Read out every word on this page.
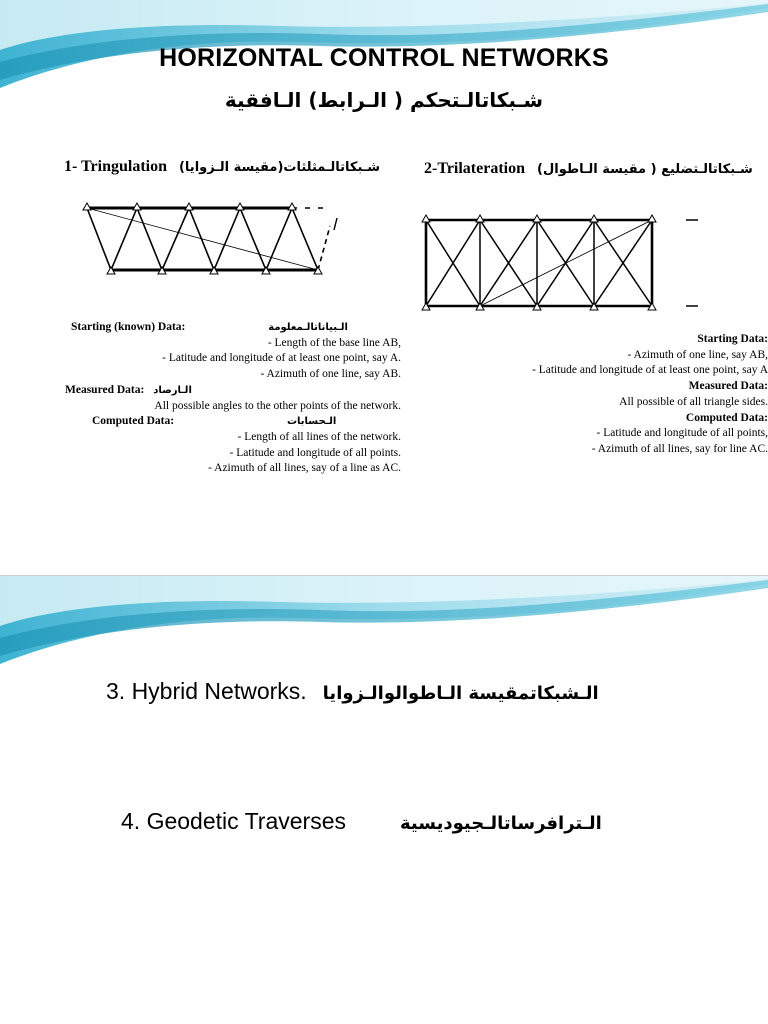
HORIZONTAL CONTROL NETWORKS
شـبكاتالـتحكم ( الـرابط) الـافقية
1- Tringulation شـبكاتالـمثلثات(مقيسة الـزوايا)	2-Trilateration شـبكاتالـتضليع ( مقيسة الـاطوال)
Starting (known) Data:	الـبياناتالـمعلومة
- Length of the base line AB,
- Latitude and longitude of at least one point, say A.
- Azimuth of one line, say AB.
Measured Data: الـارصاد
All possible angles to the other points of the network.
Computed Data:	الـحسابات
- Length of all lines of the network.
- Latitude and longitude of all points.
- Azimuth of all lines, say of a line as AC.
Starting Data:
- Azimuth of one line, say AB,
- Latitude and longitude of at least one point, say A
Measured Data:
All possible of all triangle sides.
Computed Data:
- Latitude and longitude of all points,
- Azimuth of all lines, say for line AC.
3. Hybrid Networks. الـشبكاتمقيسة الـاطوالوالـزوايا
4. Geodetic Traverses	الـترافرساتالـجيوديسية
